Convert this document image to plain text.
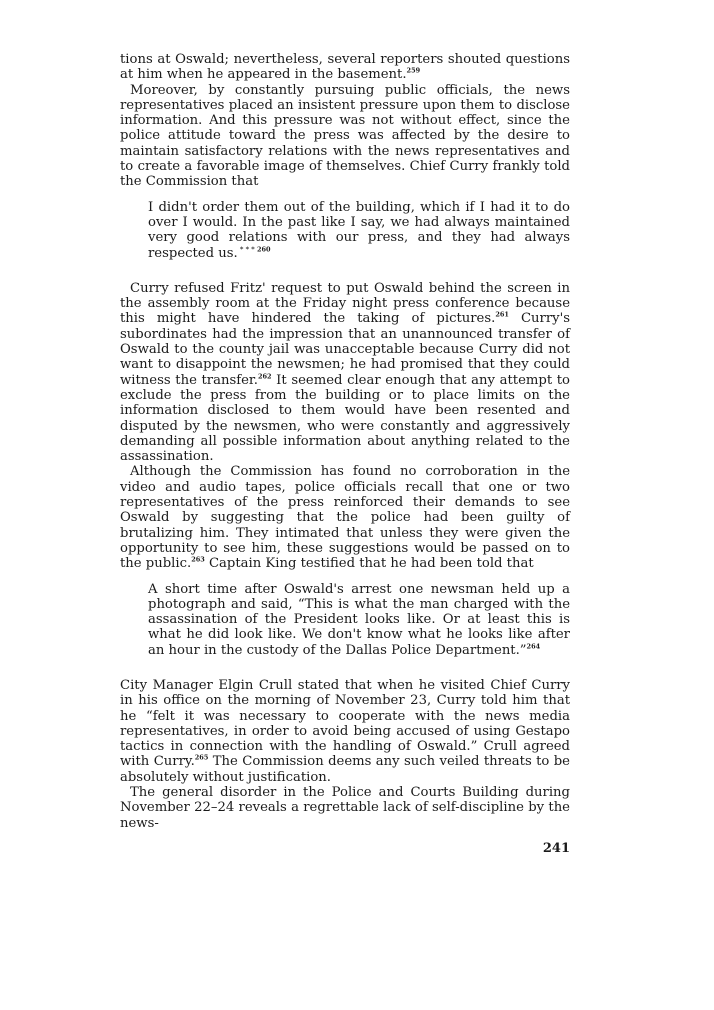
tions at Oswald; nevertheless, several reporters shouted questions at him when he appeared in the basement.$^{259}$

Moreover, by constantly pursuing public officials, the news representatives placed an insistent pressure upon them to disclose information. And this pressure was not without effect, since the police attitude toward the press was affected by the desire to maintain satisfactory relations with the news representatives and to create a favorable image of themselves. Chief Curry frankly told the Commission that

I didn't order them out of the building, which if I had it to do over I would. In the past like I say, we had always maintained very good relations with our press, and they had always respected us. $^{* * * 260}$

Curry refused Fritz' request to put Oswald behind the screen in the assembly room at the Friday night press conference because this might have hindered the taking of pictures.$^{261}$ Curry's subordinates had the impression that an unannounced transfer of Oswald to the county jail was unacceptable because Curry did not want to disappoint the newsmen; he had promised that they could witness the transfer.$^{262}$ It seemed clear enough that any attempt to exclude the press from the building or to place limits on the information disclosed to them would have been resented and disputed by the newsmen, who were constantly and aggressively demanding all possible information about anything related to the assassination.

Although the Commission has found no corroboration in the video and audio tapes, police officials recall that one or two representatives of the press reinforced their demands to see Oswald by suggesting that the police had been guilty of brutalizing him. They intimated that unless they were given the opportunity to see him, these suggestions would be passed on to the public.$^{263}$ Captain King testified that he had been told that

A short time after Oswald's arrest one newsman held up a photograph and said, “This is what the man charged with the assassination of the President looks like. Or at least this is what he did look like. We don't know what he looks like after an hour in the custody of the Dallas Police Department.”$^{264}$

City Manager Elgin Crull stated that when he visited Chief Curry in his office on the morning of November 23, Curry told him that he “felt it was necessary to cooperate with the news media representatives, in order to avoid being accused of using Gestapo tactics in connection with the handling of Oswald.” Crull agreed with Curry.$^{265}$ The Commission deems any such veiled threats to be absolutely without justification.

The general disorder in the Police and Courts Building during November 22–24 reveals a regrettable lack of self-discipline by the news-

241
